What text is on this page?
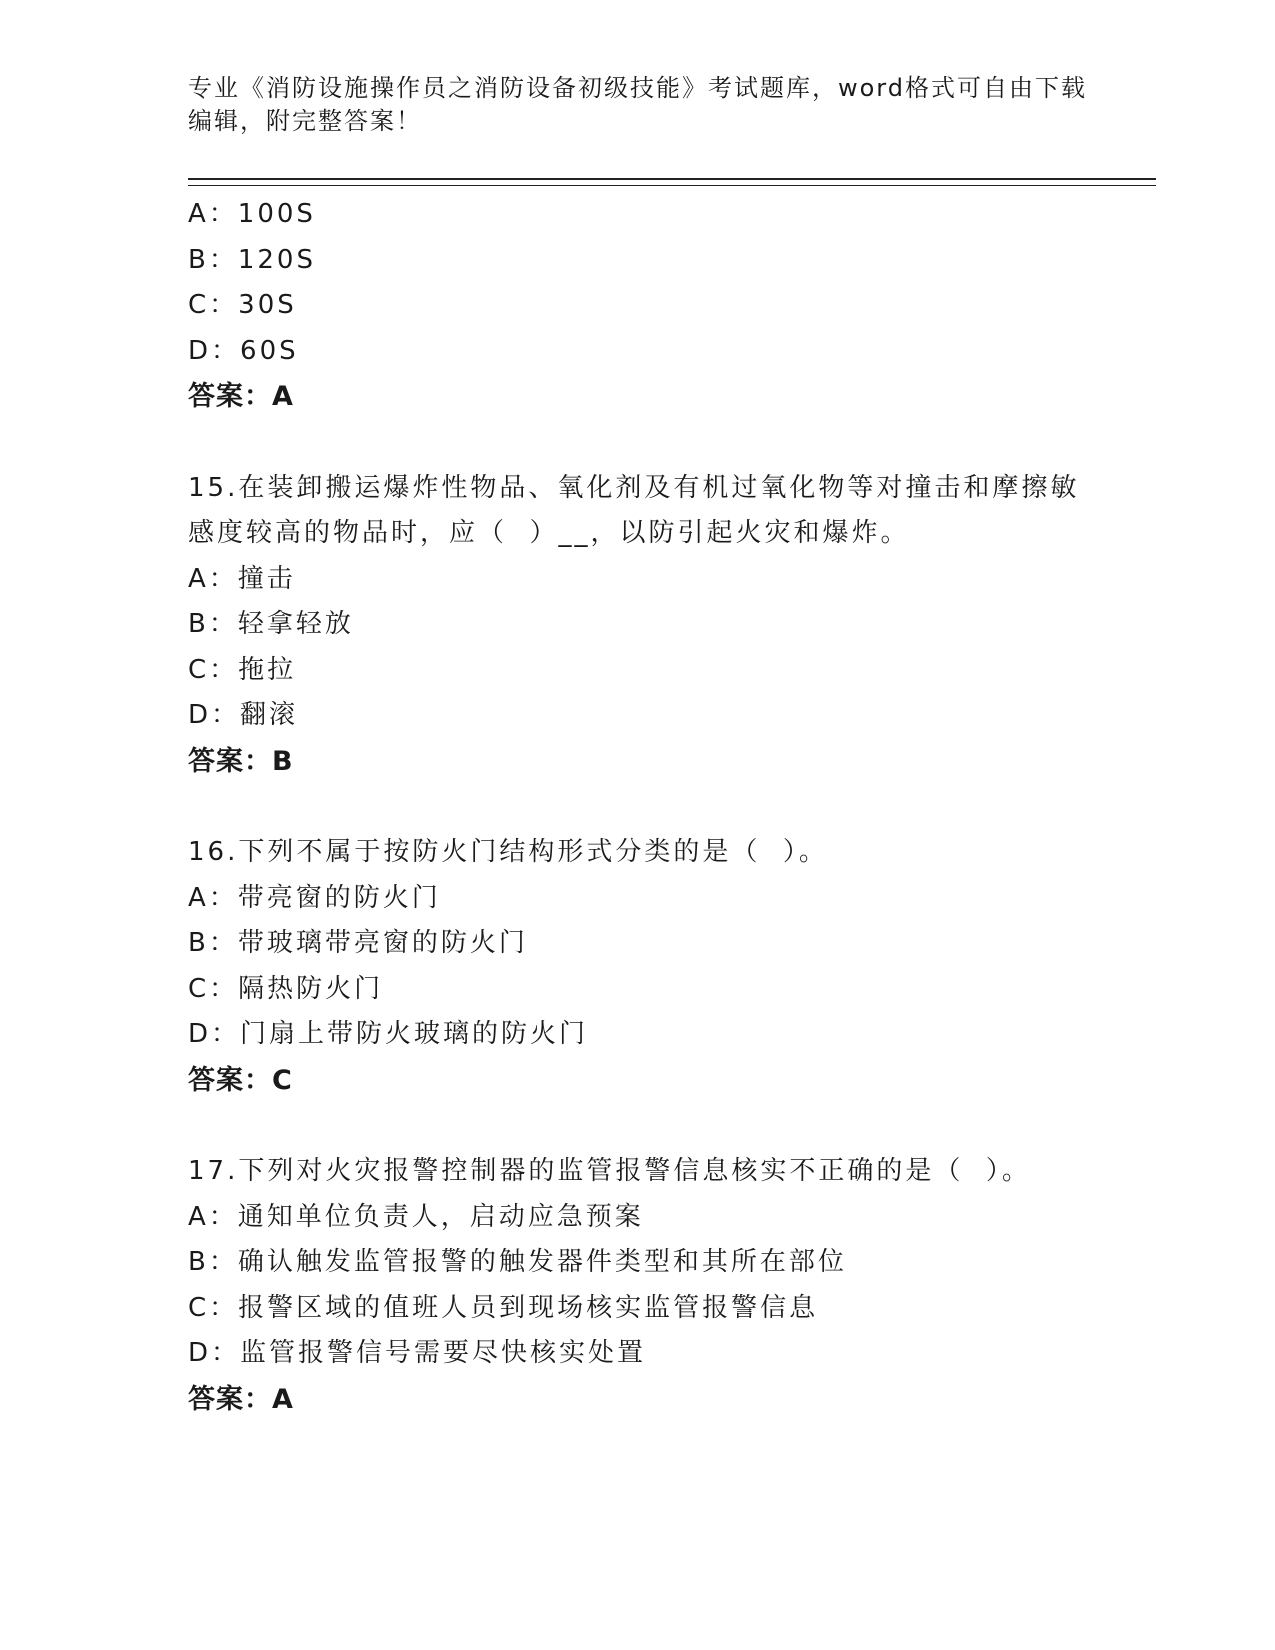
专业《消防设施操作员之消防设备初级技能》考试题库，word格式可自由下载编辑，附完整答案！
A：100S
B：120S
C：30S
D：60S
答案：A
15.在装卸搬运爆炸性物品、氧化剂及有机过氧化物等对撞击和摩擦敏
感度较高的物品时，应（  ）__，以防引起火灾和爆炸。
A：撞击
B：轻拿轻放
C：拖拉
D：翻滚
答案：B
16.下列不属于按防火门结构形式分类的是（  ）。
A：带亮窗的防火门
B：带玻璃带亮窗的防火门
C：隔热防火门
D：门扇上带防火玻璃的防火门
答案：C
17.下列对火灾报警控制器的监管报警信息核实不正确的是（  ）。
A：通知单位负责人，启动应急预案
B：确认触发监管报警的触发器件类型和其所在部位
C：报警区域的值班人员到现场核实监管报警信息
D：监管报警信号需要尽快核实处置
答案：A
